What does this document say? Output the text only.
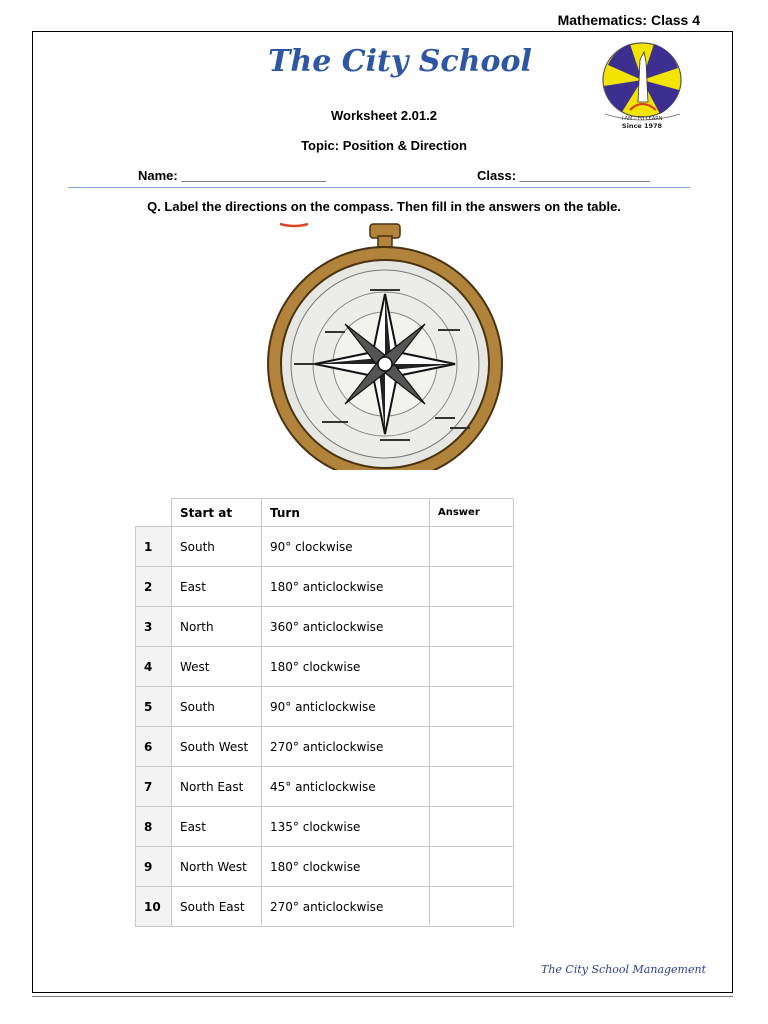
Mathematics: Class 4
The City School
I AM - TO LEARN
Since 1978
Worksheet 2.01.2
Topic: Position & Direction
Name: ____________________	Class: __________________
Q. Label the directions on the compass. Then fill in the answers on the table.
	Start at	Turn	Answer
1	South	90° clockwise	
2	East	180° anticlockwise	
3	North	360° anticlockwise	
4	West	180° clockwise	
5	South	90° anticlockwise	
6	South West	270° anticlockwise	
7	North East	45° anticlockwise	
8	East	135° clockwise	
9	North West	180° clockwise	
10	South East	270° anticlockwise	
The City School Management
